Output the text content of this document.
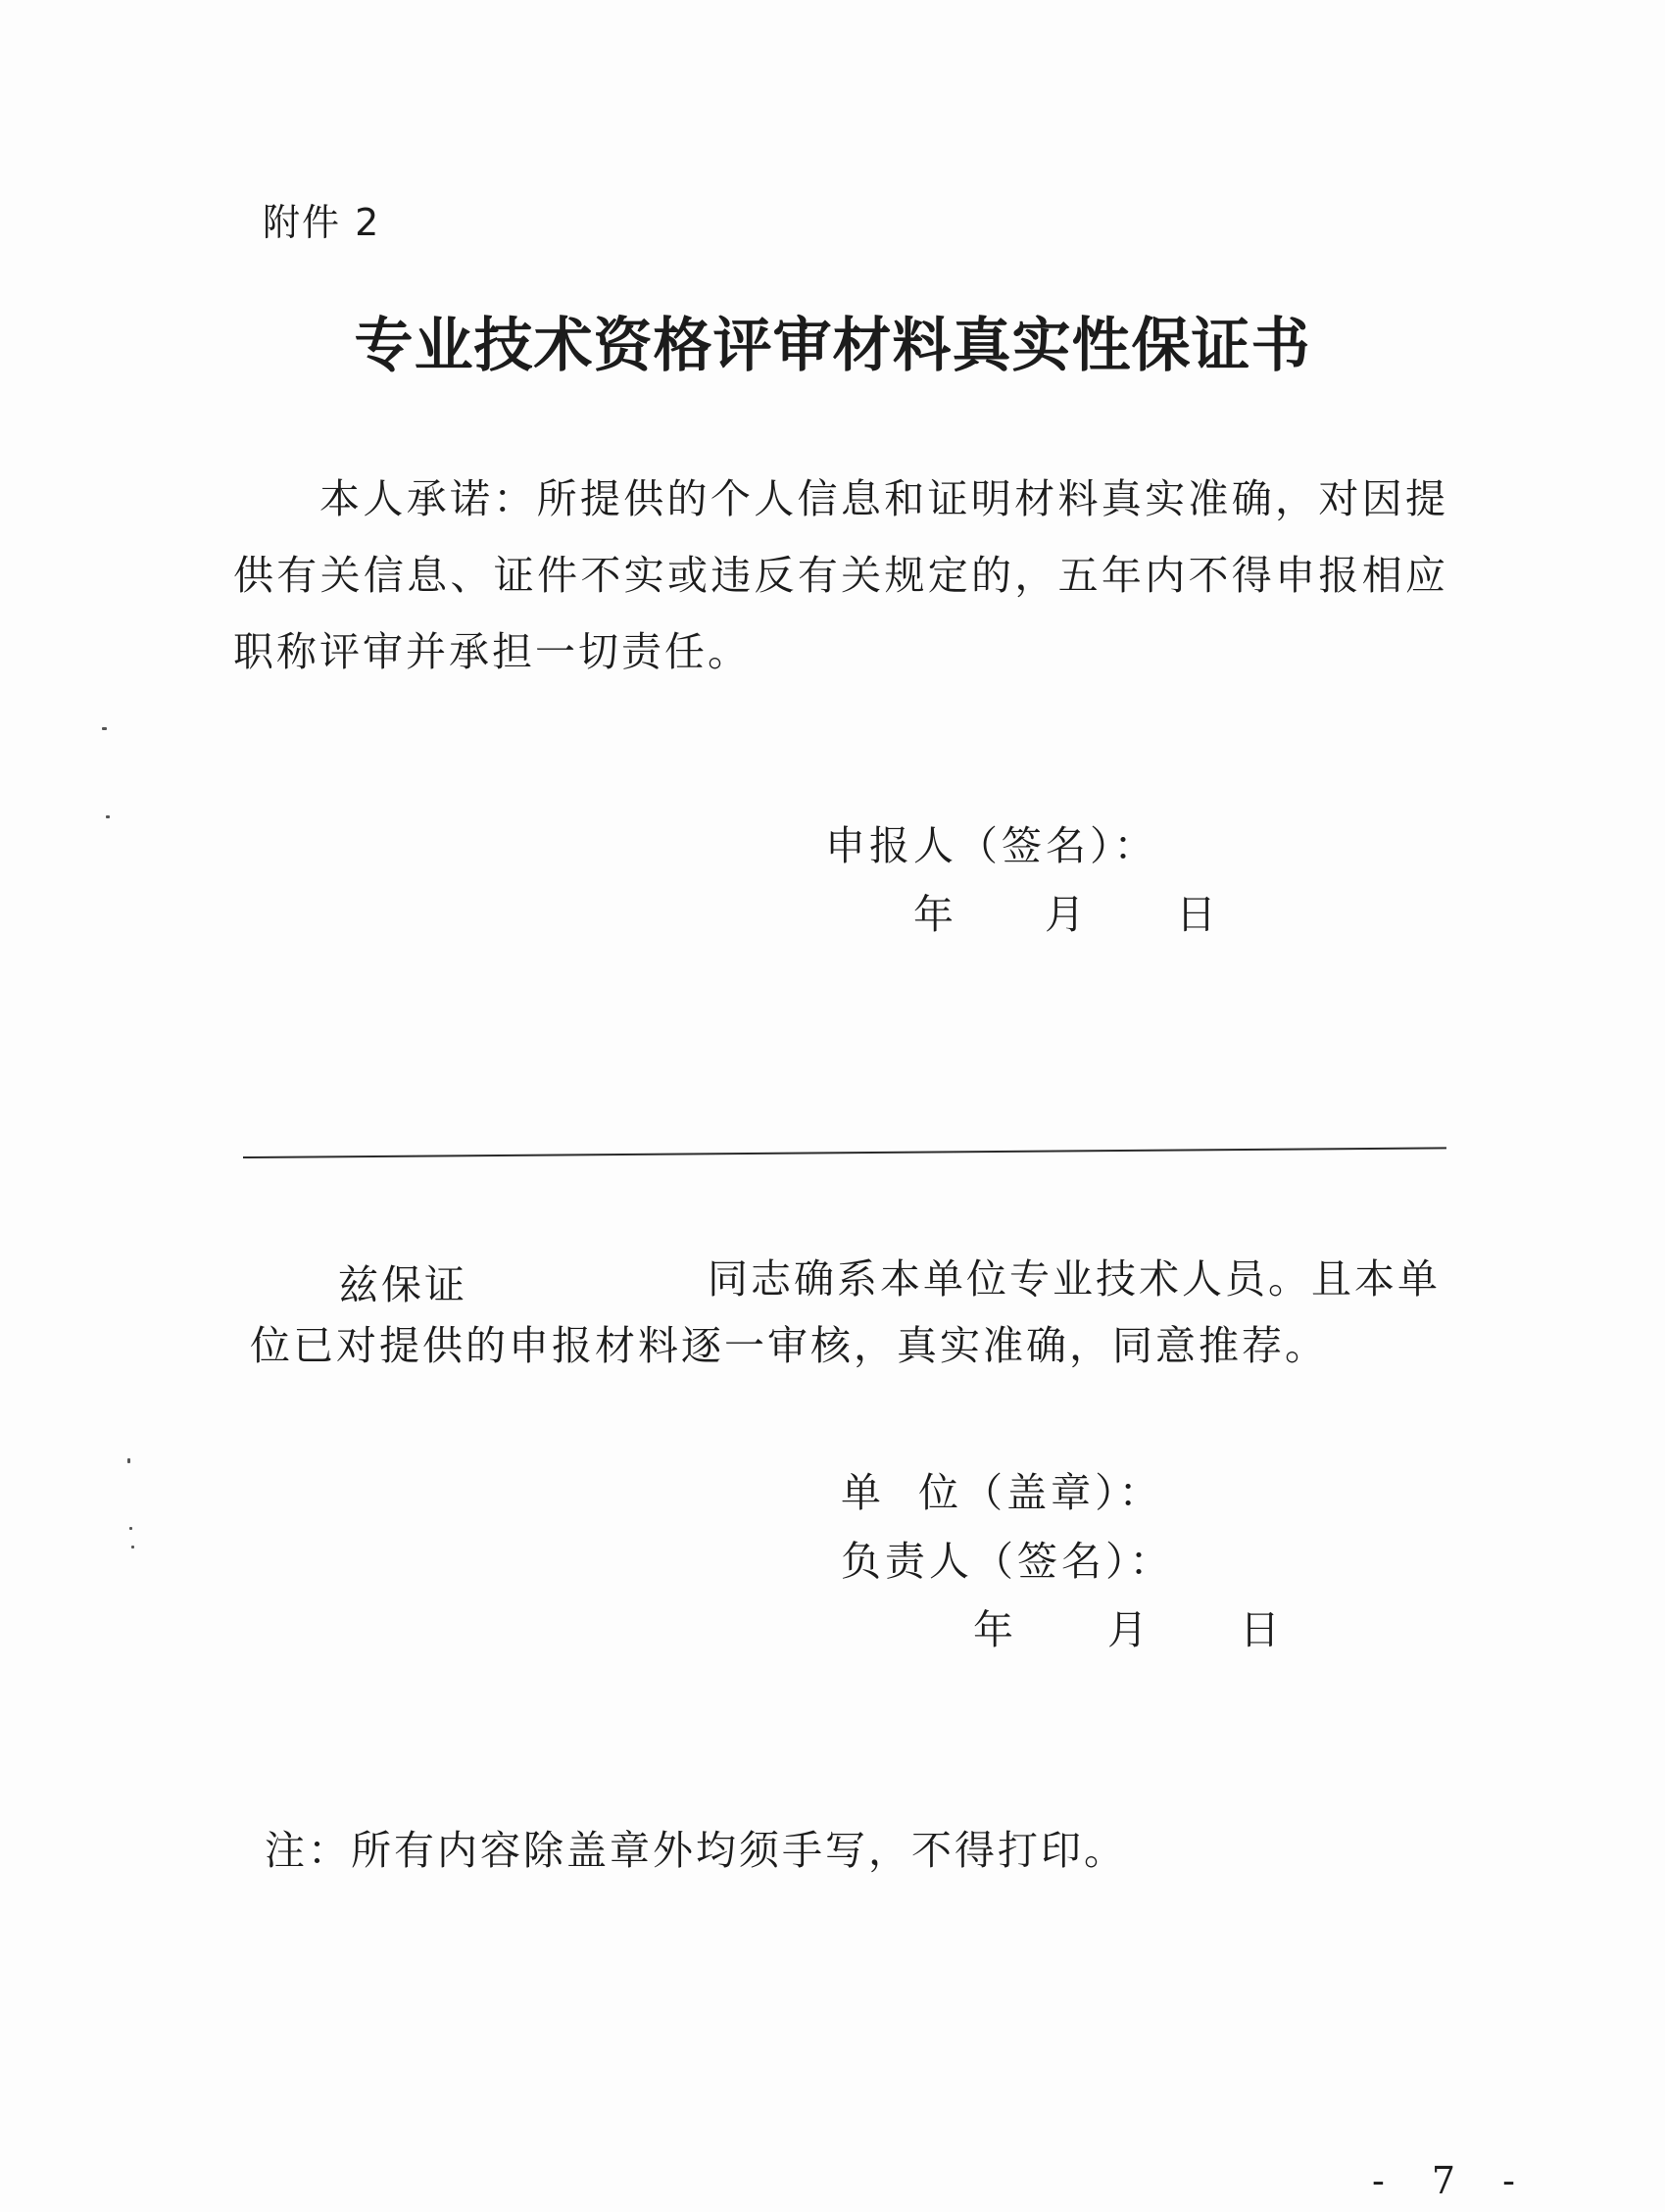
附件 2
专业技术资格评审材料真实性保证书

本人承诺：所提供的个人信息和证明材料真实准确，对因提供有关信息、证件不实或违反有关规定的，五年内不得申报相应职称评审并承担一切责任。

申报人（签名）：
年 月 日
兹保证	同志确系本单位专业技术人员。且本单
位已对提供的申报材料逐一审核，真实准确，同意推荐。
单  位（盖章）：
负责人（签名）：
年 月 日
注：所有内容除盖章外均须手写，不得打印。
- 7 -
